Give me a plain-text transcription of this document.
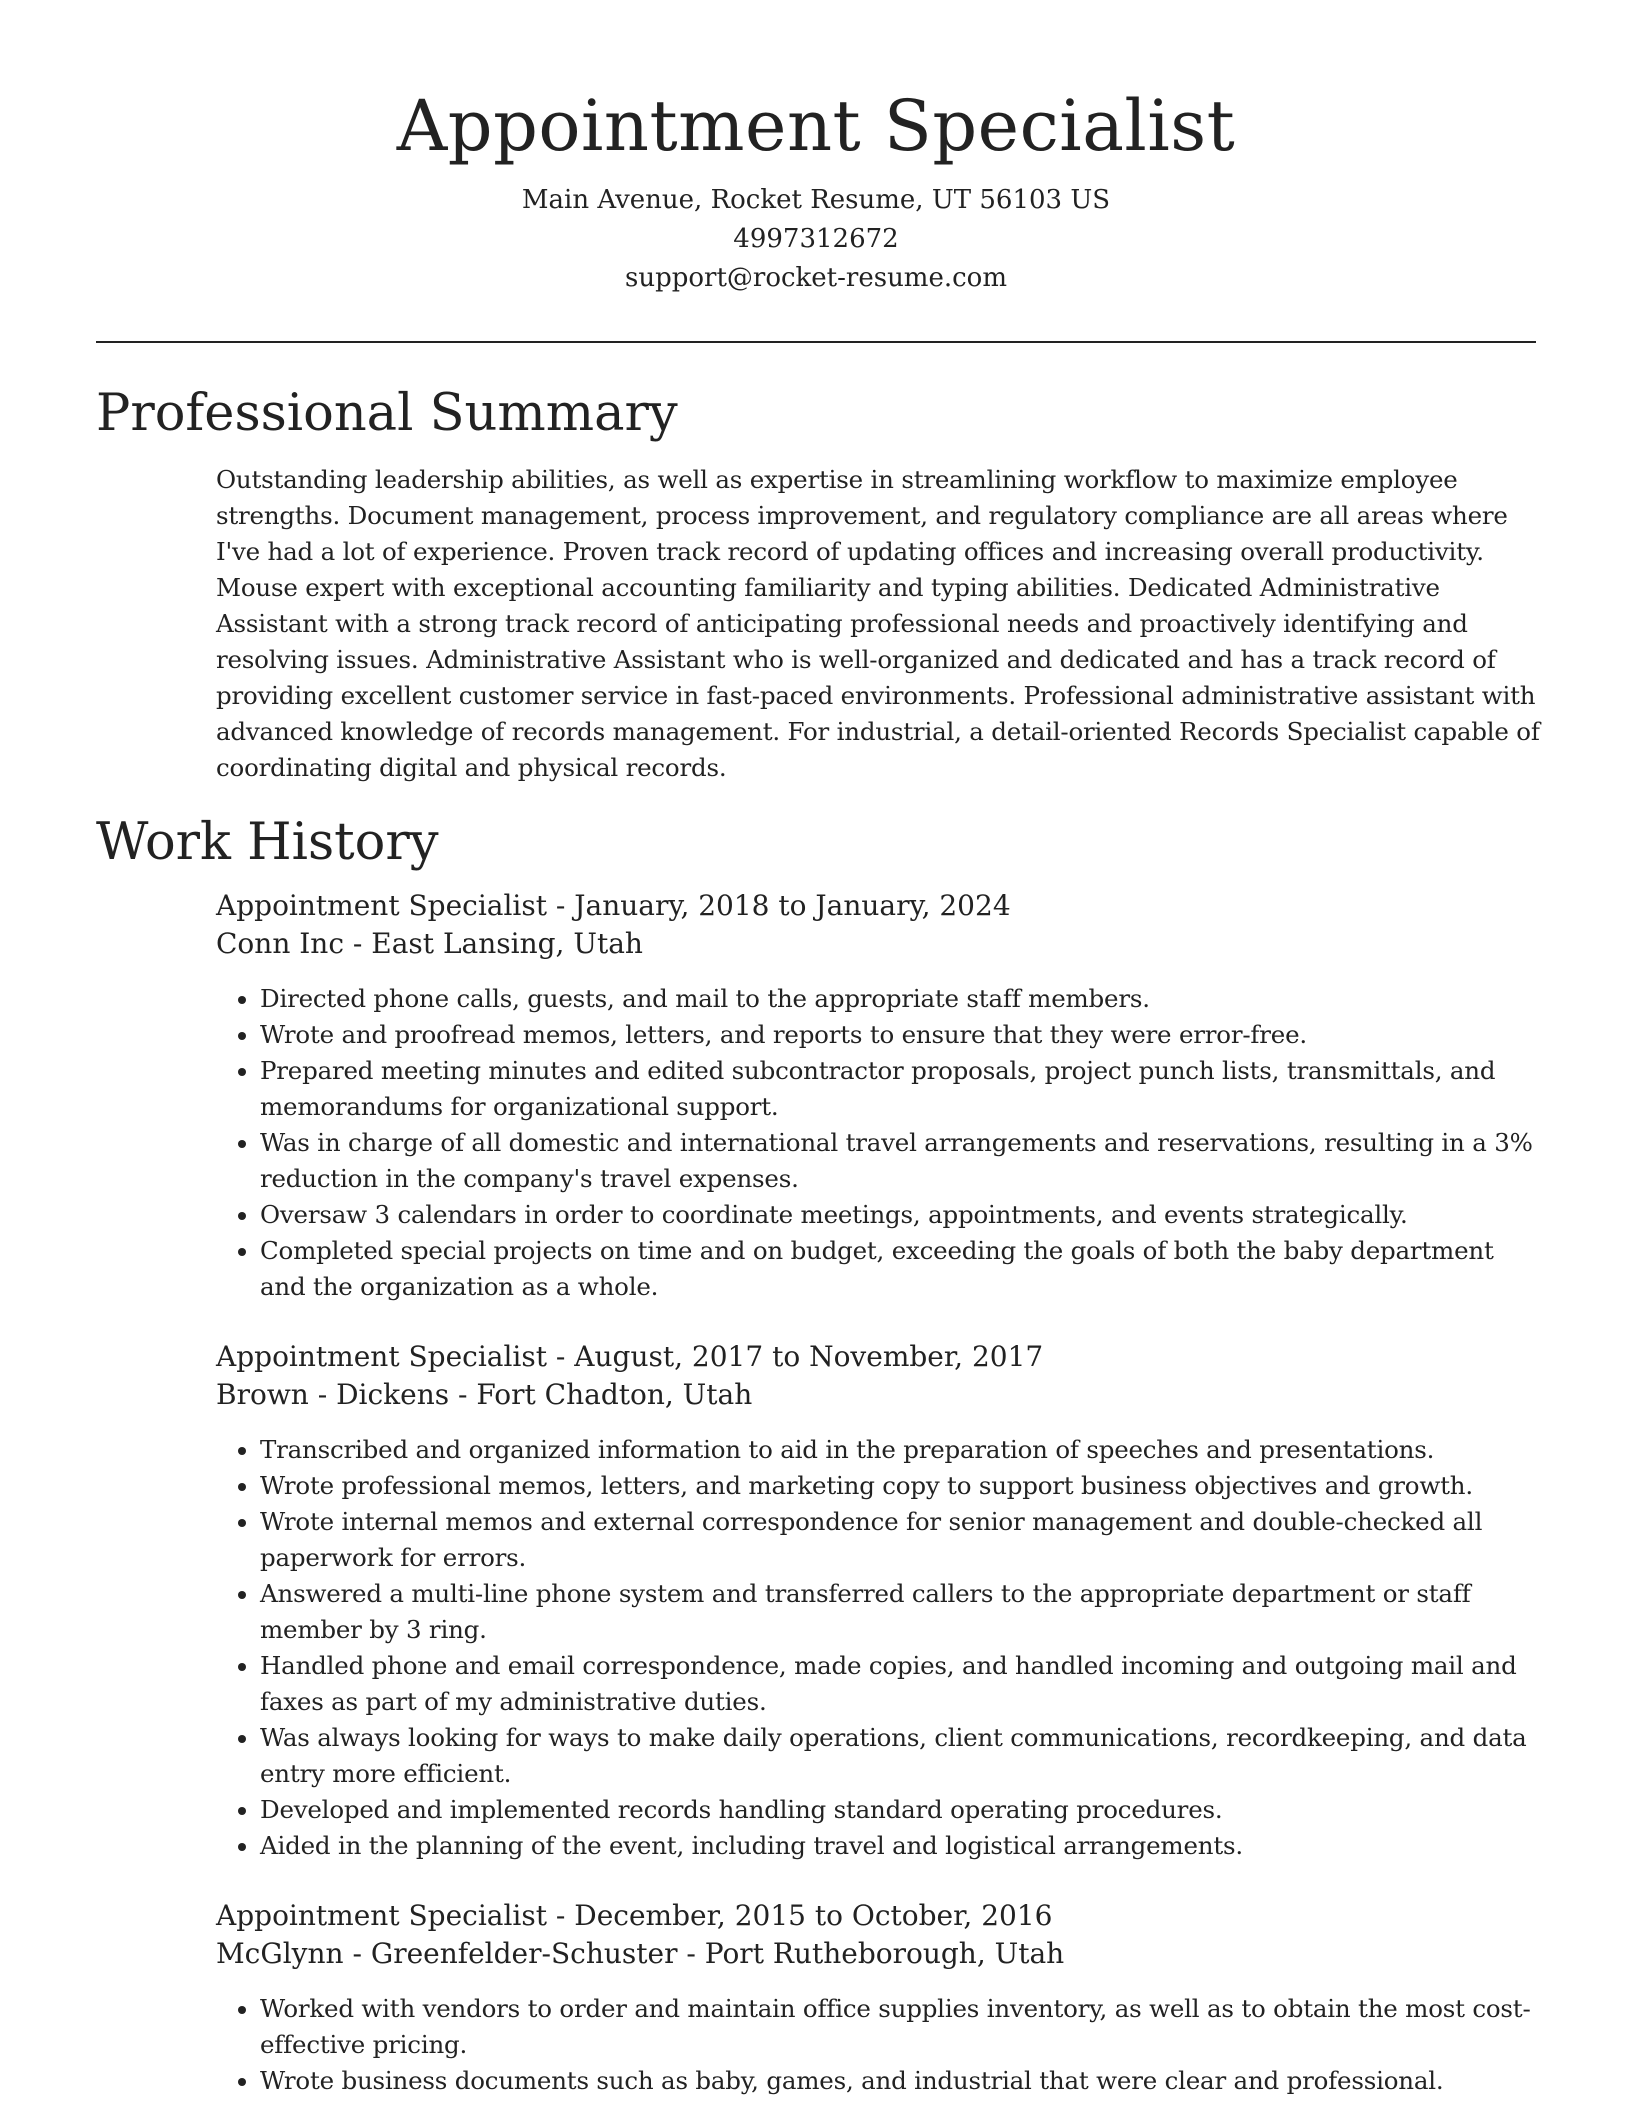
Appointment Specialist
Main Avenue, Rocket Resume, UT 56103 US
4997312672
support@rocket-resume.com
Professional Summary

Outstanding leadership abilities, as well as expertise in streamlining workflow to maximize employee strengths. Document management, process improvement, and regulatory compliance are all areas where I've had a lot of experience. Proven track record of updating offices and increasing overall productivity. Mouse expert with exceptional accounting familiarity and typing abilities. Dedicated Administrative Assistant with a strong track record of anticipating professional needs and proactively identifying and resolving issues. Administrative Assistant who is well-organized and dedicated and has a track record of providing excellent customer service in fast-paced environments. Professional administrative assistant with advanced knowledge of records management. For industrial, a detail-oriented Records Specialist capable of coordinating digital and physical records.

Work History
Appointment Specialist - January, 2018 to January, 2024
Conn Inc - East Lansing, Utah
• Directed phone calls, guests, and mail to the appropriate staff members.
• Wrote and proofread memos, letters, and reports to ensure that they were error-free.
• Prepared meeting minutes and edited subcontractor proposals, project punch lists, transmittals, and memorandums for organizational support.
• Was in charge of all domestic and international travel arrangements and reservations, resulting in a 3% reduction in the company's travel expenses.
• Oversaw 3 calendars in order to coordinate meetings, appointments, and events strategically.
• Completed special projects on time and on budget, exceeding the goals of both the baby department and the organization as a whole.
Appointment Specialist - August, 2017 to November, 2017
Brown - Dickens - Fort Chadton, Utah
• Transcribed and organized information to aid in the preparation of speeches and presentations.
• Wrote professional memos, letters, and marketing copy to support business objectives and growth.
• Wrote internal memos and external correspondence for senior management and double-checked all paperwork for errors.
• Answered a multi-line phone system and transferred callers to the appropriate department or staff member by 3 ring.
• Handled phone and email correspondence, made copies, and handled incoming and outgoing mail and faxes as part of my administrative duties.
• Was always looking for ways to make daily operations, client communications, recordkeeping, and data entry more efficient.
• Developed and implemented records handling standard operating procedures.
• Aided in the planning of the event, including travel and logistical arrangements.
Appointment Specialist - December, 2015 to October, 2016
McGlynn - Greenfelder-Schuster - Port Rutheborough, Utah
• Worked with vendors to order and maintain office supplies inventory, as well as to obtain the most cost-effective pricing.
• Wrote business documents such as baby, games, and industrial that were clear and professional.
